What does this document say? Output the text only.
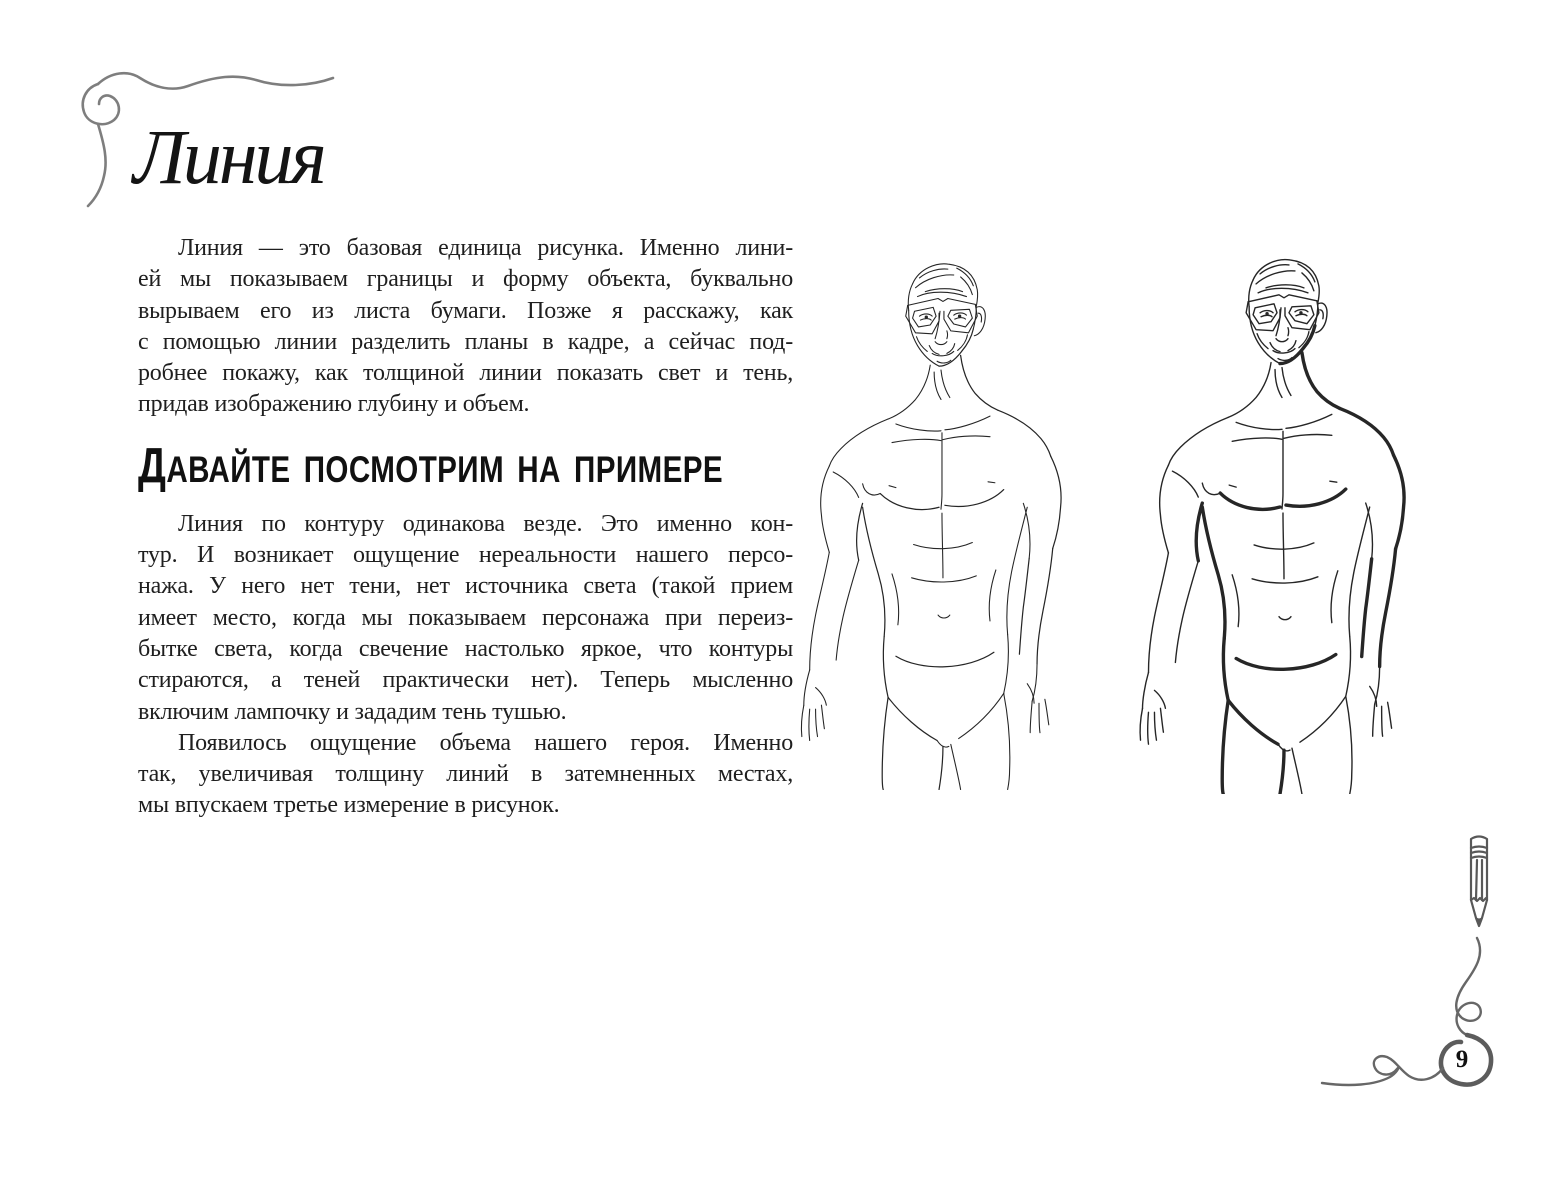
Линия
Линия — это базовая единица рисунка. Именно лини-
ей мы показываем границы и форму объекта, буквально
вырываем его из листа бумаги. Позже я расскажу, как
с помощью линии разделить планы в кадре, а сейчас под-
робнее покажу, как толщиной линии показать свет и тень,
придав изображению глубину и объем.
ДАВАЙТЕ ПОСМОТРИМ НА ПРИМЕРЕ
Линия по контуру одинакова везде. Это именно кон-
тур. И возникает ощущение нереальности нашего персо-
нажа. У него нет тени, нет источника света (такой прием
имеет место, когда мы показываем персонажа при переиз-
бытке света, когда свечение настолько яркое, что контуры
стираются, а теней практически нет). Теперь мысленно
включим лампочку и зададим тень тушью.
Появилось ощущение объема нашего героя. Именно
так, увеличивая толщину линий в затемненных местах,
мы впускаем третье измерение в рисунок.
9
